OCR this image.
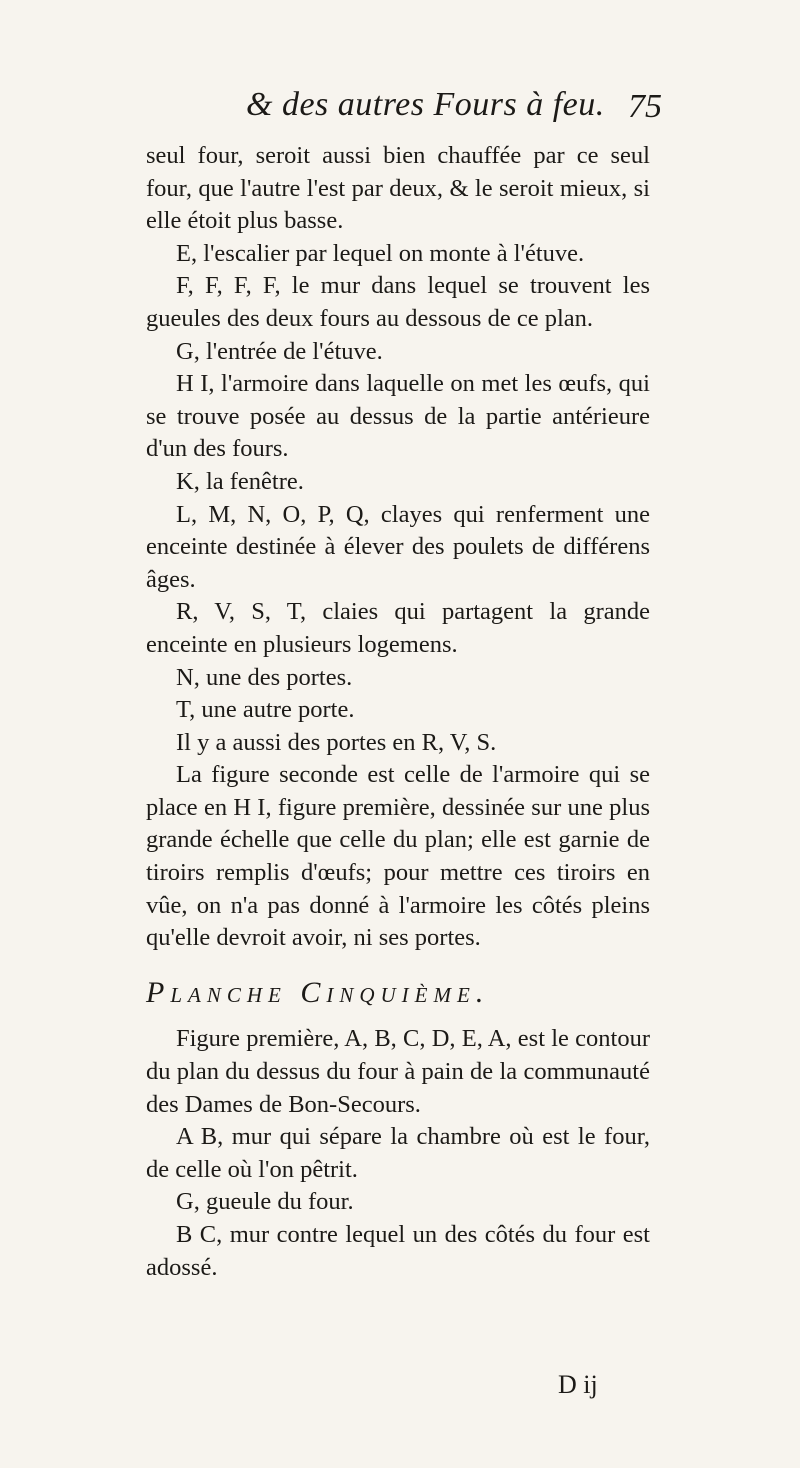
& des autres Fours à feu. 75

seul four, seroit aussi bien chauffée par ce seul four, que l'autre l'est par deux, & le seroit mieux, si elle étoit plus basse.

E, l'escalier par lequel on monte à l'étuve.

F, F, F, F, le mur dans lequel se trouvent les gueules des deux fours au dessous de ce plan.

G, l'entrée de l'étuve.

H I, l'armoire dans laquelle on met les œufs, qui se trouve posée au dessus de la partie antérieure d'un des fours.

K, la fenêtre.

L, M, N, O, P, Q, clayes qui renferment une enceinte destinée à élever des poulets de différens âges.

R, V, S, T, claies qui partagent la grande enceinte en plusieurs logemens.

N, une des portes.

T, une autre porte.

Il y a aussi des portes en R, V, S.

La figure seconde est celle de l'armoire qui se place en H I, figure première, dessinée sur une plus grande échelle que celle du plan; elle est garnie de tiroirs remplis d'œufs; pour mettre ces tiroirs en vûe, on n'a pas donné à l'armoire les côtés pleins qu'elle devroit avoir, ni ses portes.

Planche Cinquième.

Figure première, A, B, C, D, E, A, est le contour du plan du dessus du four à pain de la communauté des Dames de Bon-Secours.

A B, mur qui sépare la chambre où est le four, de celle où l'on pêtrit.

G, gueule du four.

B C, mur contre lequel un des côtés du four est adossé.

D ij
